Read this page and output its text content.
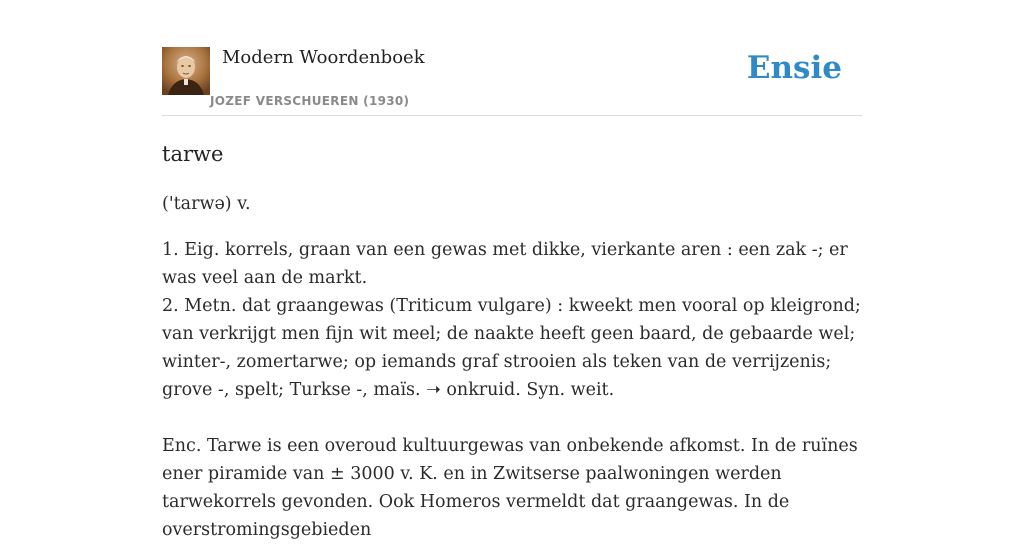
Modern Woordenboek
JOZEF VERSCHUEREN (1930)
Ensie
tarwe

('tarwə) v.

1. Eig. korrels, graan van een gewas met dikke, vierkante aren : een zak -; er was veel aan de markt.
2. Metn. dat graangewas (Triticum vulgare) : kweekt men vooral op kleigrond; van verkrijgt men fijn wit meel; de naakte heeft geen baard, de gebaarde wel; winter-, zomertarwe; op iemands graf strooien als teken van de verrijzenis; grove -, spelt; Turkse -, maïs. ➝ onkruid. Syn. weit.
Enc. Tarwe is een overoud kultuurgewas van onbekende afkomst. In de ruïnes ener piramide van ± 3000 v. K. en in Zwitserse paalwoningen werden tarwekorrels gevonden. Ook Homeros vermeldt dat graangewas. In de overstromingsgebieden
